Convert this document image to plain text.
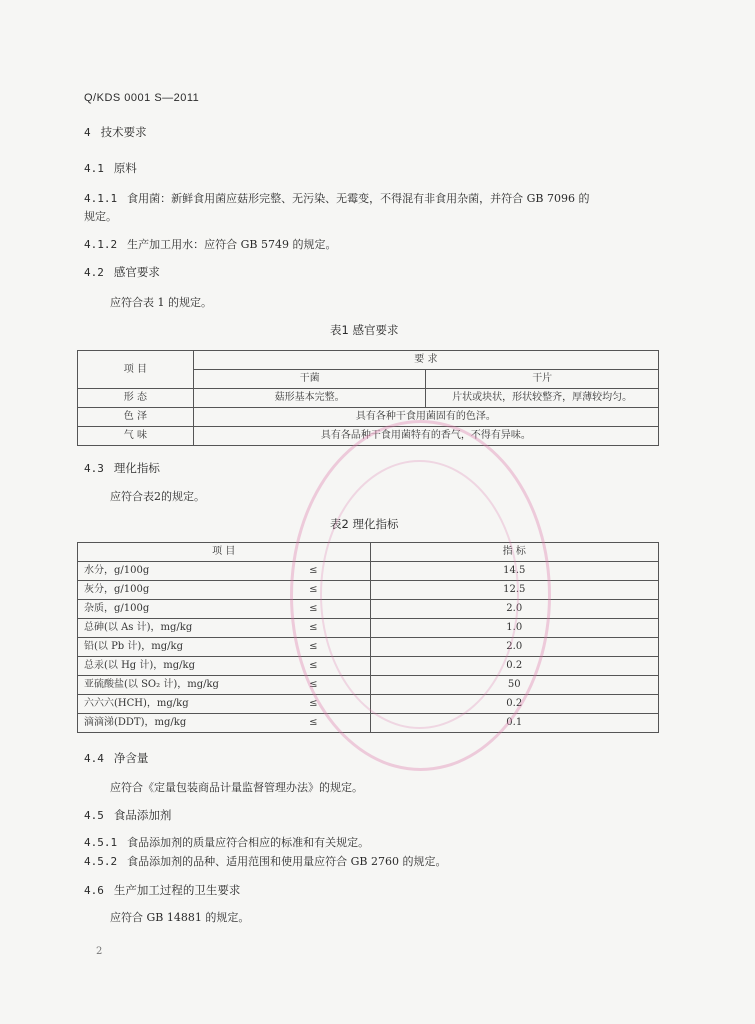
Q/KDS 0001 S—2011
4 技术要求
4.1 原料
4.1.1 食用菌：新鲜食用菌应菇形完整、无污染、无霉变，不得混有非食用杂菌，并符合 GB 7096 的
规定。
4.1.2 生产加工用水：应符合 GB 5749 的规定。
4.2 感官要求
应符合表 1 的规定。
表1 感官要求
项 目	要 求	
	干菌	干片
形 态	菇形基本完整。	片状或块状，形状较整齐，厚薄较均匀。
色 泽	具有各种干食用菌固有的色泽。	
气 味	具有各品种干食用菌特有的香气，不得有异味。	
4.3 理化指标
应符合表2的规定。
表2 理化指标
项 目		指 标
水分，g/100g	≤	14.5
灰分，g/100g	≤	12.5
杂质，g/100g	≤	2.0
总砷(以 As 计)，mg/kg	≤	1.0
铅(以 Pb 计)，mg/kg	≤	2.0
总汞(以 Hg 计)，mg/kg	≤	0.2
亚硫酸盐(以 SO₂ 计)，mg/kg	≤	50
六六六(HCH)，mg/kg	≤	0.2
滴滴涕(DDT)，mg/kg	≤	0.1
4.4 净含量
应符合《定量包装商品计量监督管理办法》的规定。
4.5 食品添加剂
4.5.1 食品添加剂的质量应符合相应的标准和有关规定。
4.5.2 食品添加剂的品种、适用范围和使用量应符合 GB 2760 的规定。
4.6 生产加工过程的卫生要求
应符合 GB 14881 的规定。
2
